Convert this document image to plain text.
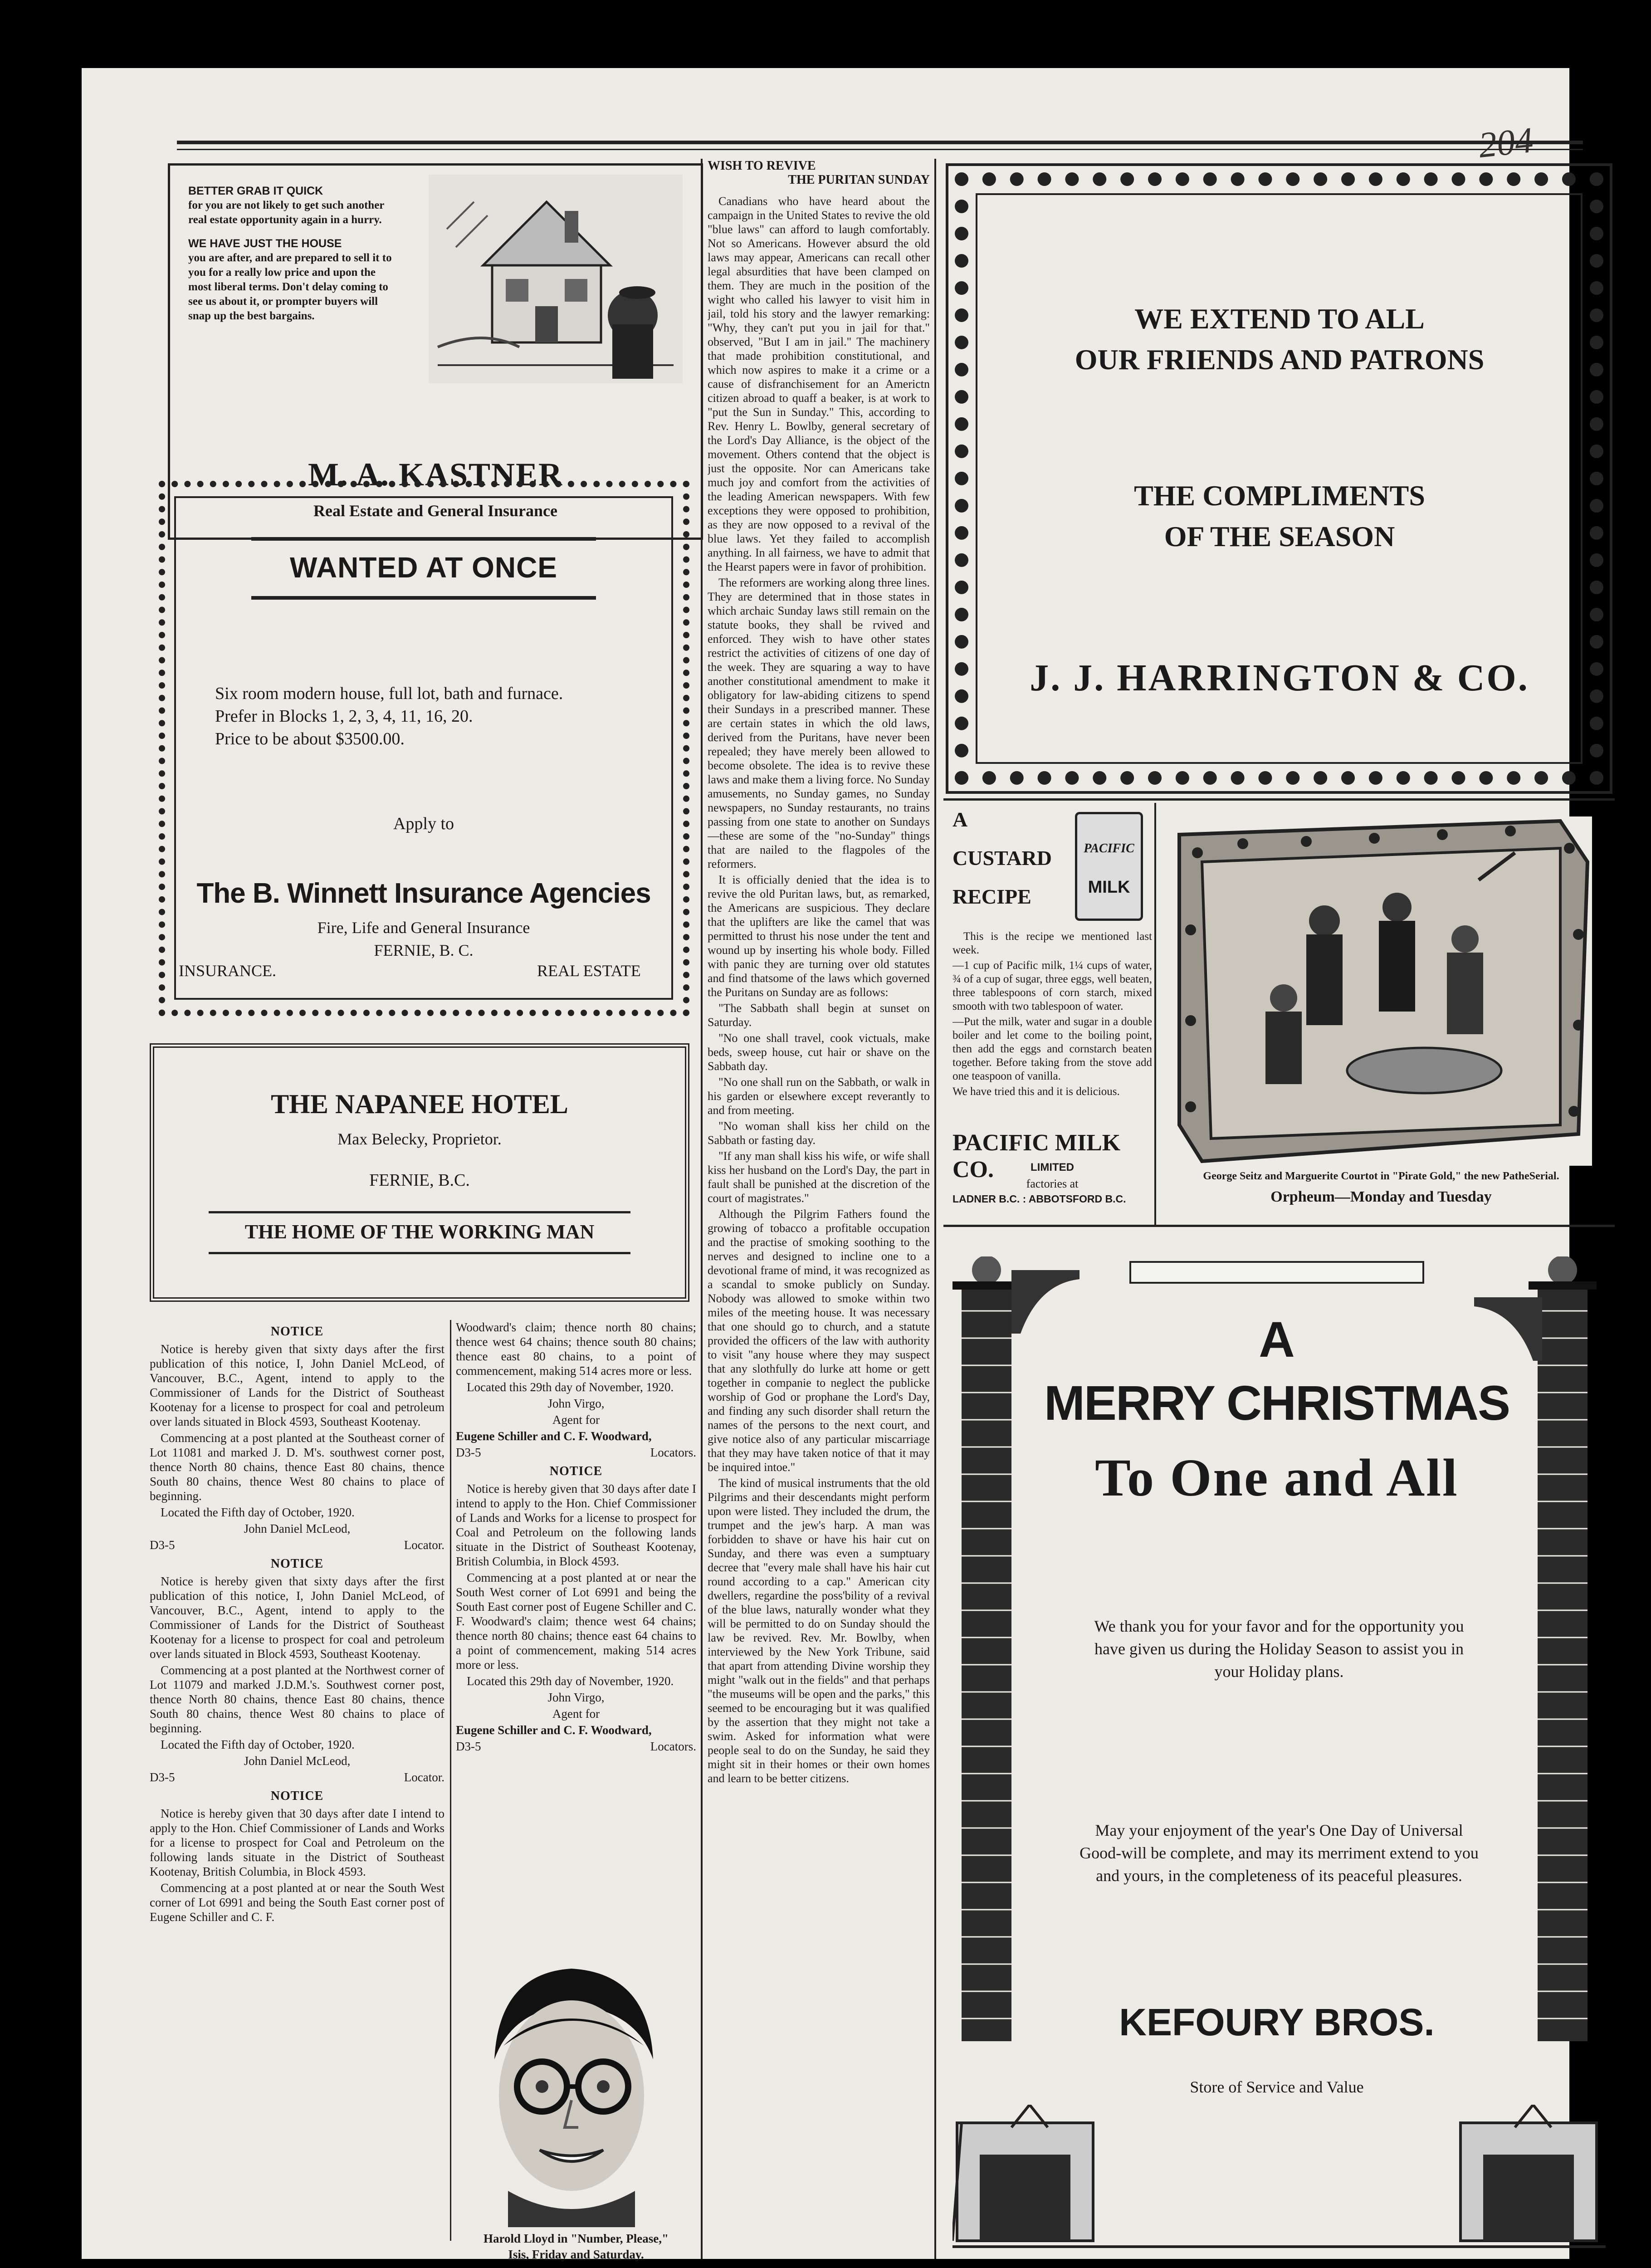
BETTER GRAB IT QUICK
for you are not likely to get such another real estate opportunity again in a hurry.
WE HAVE JUST THE HOUSE
you are after, and are prepared to sell it to you for a really low price and upon the most liberal terms. Don't delay coming to see us about it, or prompter buyers will snap up the best bargains.
M. A. KASTNER
Real Estate and General Insurance
WANTED AT ONCE
Six room modern house, full lot, bath and furnace.
Prefer in Blocks 1, 2, 3, 4, 11, 16, 20.
Price to be about $3500.00.
Apply to
The B. Winnett Insurance Agencies
Fire, Life and General Insurance
FERNIE, B. C.
INSURANCE.	REAL ESTATE
THE NAPANEE HOTEL
Max Belecky, Proprietor.
FERNIE, B.C.
THE HOME OF THE WORKING MAN
NOTICE

Notice is hereby given that sixty days after the first publication of this notice, I, John Daniel McLeod, of Vancouver, B.C., Agent, intend to apply to the Commissioner of Lands for the District of Southeast Kootenay for a license to prospect for coal and petroleum over lands situated in Block 4593, Southeast Kootenay.

Commencing at a post planted at the Southeast corner of Lot 11081 and marked J. D. M's. southwest corner post, thence North 80 chains, thence East 80 chains, thence South 80 chains, thence West 80 chains to place of beginning.

Located the Fifth day of October, 1920.

John Daniel McLeod,

D3-5	Locator.

NOTICE

Notice is hereby given that sixty days after the first publication of this notice, I, John Daniel McLeod, of Vancouver, B.C., Agent, intend to apply to the Commissioner of Lands for the District of Southeast Kootenay for a license to prospect for coal and petroleum over lands situated in Block 4593, Southeast Kootenay.

Commencing at a post planted at the Northwest corner of Lot 11079 and marked J.D.M.'s. Southwest corner post, thence North 80 chains, thence East 80 chains, thence South 80 chains, thence West 80 chains to place of beginning.

Located the Fifth day of October, 1920.

John Daniel McLeod,

D3-5	Locator.

NOTICE

Notice is hereby given that 30 days after date I intend to apply to the Hon. Chief Commissioner of Lands and Works for a license to prospect for Coal and Petroleum on the following lands situate in the District of Southeast Kootenay, British Columbia, in Block 4593.

Commencing at a post planted at or near the South West corner of Lot 6991 and being the South East corner post of Eugene Schiller and C. F.

Woodward's claim; thence north 80 chains; thence west 64 chains; thence south 80 chains; thence east 80 chains, to a point of commencement, making 514 acres more or less.

Located this 29th day of November, 1920.

John Virgo,

Agent for

Eugene Schiller and C. F. Woodward,

D3-5	Locators.

NOTICE

Notice is hereby given that 30 days after date I intend to apply to the Hon. Chief Commissioner of Lands and Works for a license to prospect for Coal and Petroleum on the following lands situate in the District of Southeast Kootenay, British Columbia, in Block 4593.

Commencing at a post planted at or near the South West corner of Lot 6991 and being the South East corner post of Eugene Schiller and C. F. Woodward's claim; thence west 64 chains; thence north 80 chains; thence east 64 chains to a point of commencement, making 514 acres more or less.

Located this 29th day of November, 1920.

John Virgo,

Agent for

Eugene Schiller and C. F. Woodward,

D3-5	Locators.

Harold Lloyd in "Number, Please,"
Isis, Friday and Saturday.
WISH TO REVIVE
THE PURITAN SUNDAY

Canadians who have heard about the campaign in the United States to revive the old "blue laws" can afford to laugh comfortably. Not so Americans. However absurd the old laws may appear, Americans can recall other legal absurdities that have been clamped on them. They are much in the position of the wight who called his lawyer to visit him in jail, told his story and the lawyer remarking: "Why, they can't put you in jail for that." observed, "But I am in jail." The machinery that made prohibition constitutional, and which now aspires to make it a crime or a cause of disfranchisement for an Americtn citizen abroad to quaff a beaker, is at work to "put the Sun in Sunday." This, according to Rev. Henry L. Bowlby, general secretary of the Lord's Day Alliance, is the object of the movement. Others contend that the object is just the opposite. Nor can Americans take much joy and comfort from the activities of the leading American newspapers. With few exceptions they were opposed to prohibition, as they are now opposed to a revival of the blue laws. Yet they failed to accomplish anything. In all fairness, we have to admit that the Hearst papers were in favor of prohibition.

The reformers are working along three lines. They are determined that in those states in which archaic Sunday laws still remain on the statute books, they shall be rvived and enforced. They wish to have other states restrict the activities of citizens of one day of the week. They are squaring a way to have another constitutional amendment to make it obligatory for law-abiding citizens to spend their Sundays in a prescribed manner. These are certain states in which the old laws, derived from the Puritans, have never been repealed; they have merely been allowed to become obsolete. The idea is to revive these laws and make them a living force. No Sunday amusements, no Sunday games, no Sunday newspapers, no Sunday restaurants, no trains passing from one state to another on Sundays—these are some of the "no-Sunday" things that are nailed to the flagpoles of the reformers.

It is officially denied that the idea is to revive the old Puritan laws, but, as remarked, the Americans are suspicious. They declare that the uplifters are like the camel that was permitted to thrust his nose under the tent and wound up by inserting his whole body. Filled with panic they are turning over old statutes and find thatsome of the laws which governed the Puritans on Sunday are as follows:

"The Sabbath shall begin at sunset on Saturday.

"No one shall travel, cook victuals, make beds, sweep house, cut hair or shave on the Sabbath day.

"No one shall run on the Sabbath, or walk in his garden or elsewhere except reverantly to and from meeting.

"No woman shall kiss her child on the Sabbath or fasting day.

"If any man shall kiss his wife, or wife shall kiss her husband on the Lord's Day, the part in fault shall be punished at the discretion of the court of magistrates."

Although the Pilgrim Fathers found the growing of tobacco a profitable occupation and the practise of smoking soothing to the nerves and designed to incline one to a devotional frame of mind, it was recognized as a scandal to smoke publicly on Sunday. Nobody was allowed to smoke within two miles of the meeting house. It was necessary that one should go to church, and a statute provided the officers of the law with authority to visit "any house where they may suspect that any slothfully do lurke att home or gett together in companie to neglect the publicke worship of God or prophane the Lord's Day, and finding any such disorder shall return the names of the persons to the next court, and give notice also of any particular miscarriage that they may have taken notice of that it may be inquired intoe."

The kind of musical instruments that the old Pilgrims and their descendants might perform upon were listed. They included the drum, the trumpet and the jew's harp. A man was forbidden to shave or have his hair cut on Sunday, and there was even a sumptuary decree that "every male shall have his hair cut round according to a cap." American city dwellers, regardine the poss'bility of a revival of the blue laws, naturally wonder what they will be permitted to do on Sunday should the law be revived. Rev. Mr. Bowlby, when interviewed by the New York Tribune, said that apart from attending Divine worship they might "walk out in the fields" and that perhaps "the museums will be open and the parks," this seemed to be encouraging but it was qualified by the assertion that they might not take a swim. Asked for information what were people seal to do on the Sunday, he said they might sit in their homes or their own homes and learn to be better citizens.

WE EXTEND TO ALL
OUR FRIENDS AND PATRONS
THE COMPLIMENTS
OF THE SEASON
J. J. HARRINGTON & CO.
A
CUSTARD
RECIPE
PACIFIC
MILK

This is the recipe we mentioned last week.

—1 cup of Pacific milk, 1¼ cups of water, ¾ of a cup of sugar, three eggs, well beaten, three tablespoons of corn starch, mixed smooth with two tablespoon of water.

—Put the milk, water and sugar in a double boiler and let come to the boiling point, then add the eggs and cornstarch beaten together. Before taking from the stove add one teaspoon of vanilla.

We have tried this and it is delicious.

PACIFIC MILK CO.	LIMITED
factories at
LADNER B.C. : ABBOTSFORD B.C.
George Seitz and Marguerite Courtot in "Pirate Gold," the new PatheSerial.
Orpheum—Monday and Tuesday
A
MERRY CHRISTMAS
To One and All
We thank you for your favor and for the opportunity you have given us during the Holiday Season to assist you in your Holiday plans.
May your enjoyment of the year's One Day of Universal Good-will be complete, and may its merriment extend to you and yours, in the completeness of its peaceful pleasures.
KEFOURY BROS.
Store of Service and Value
